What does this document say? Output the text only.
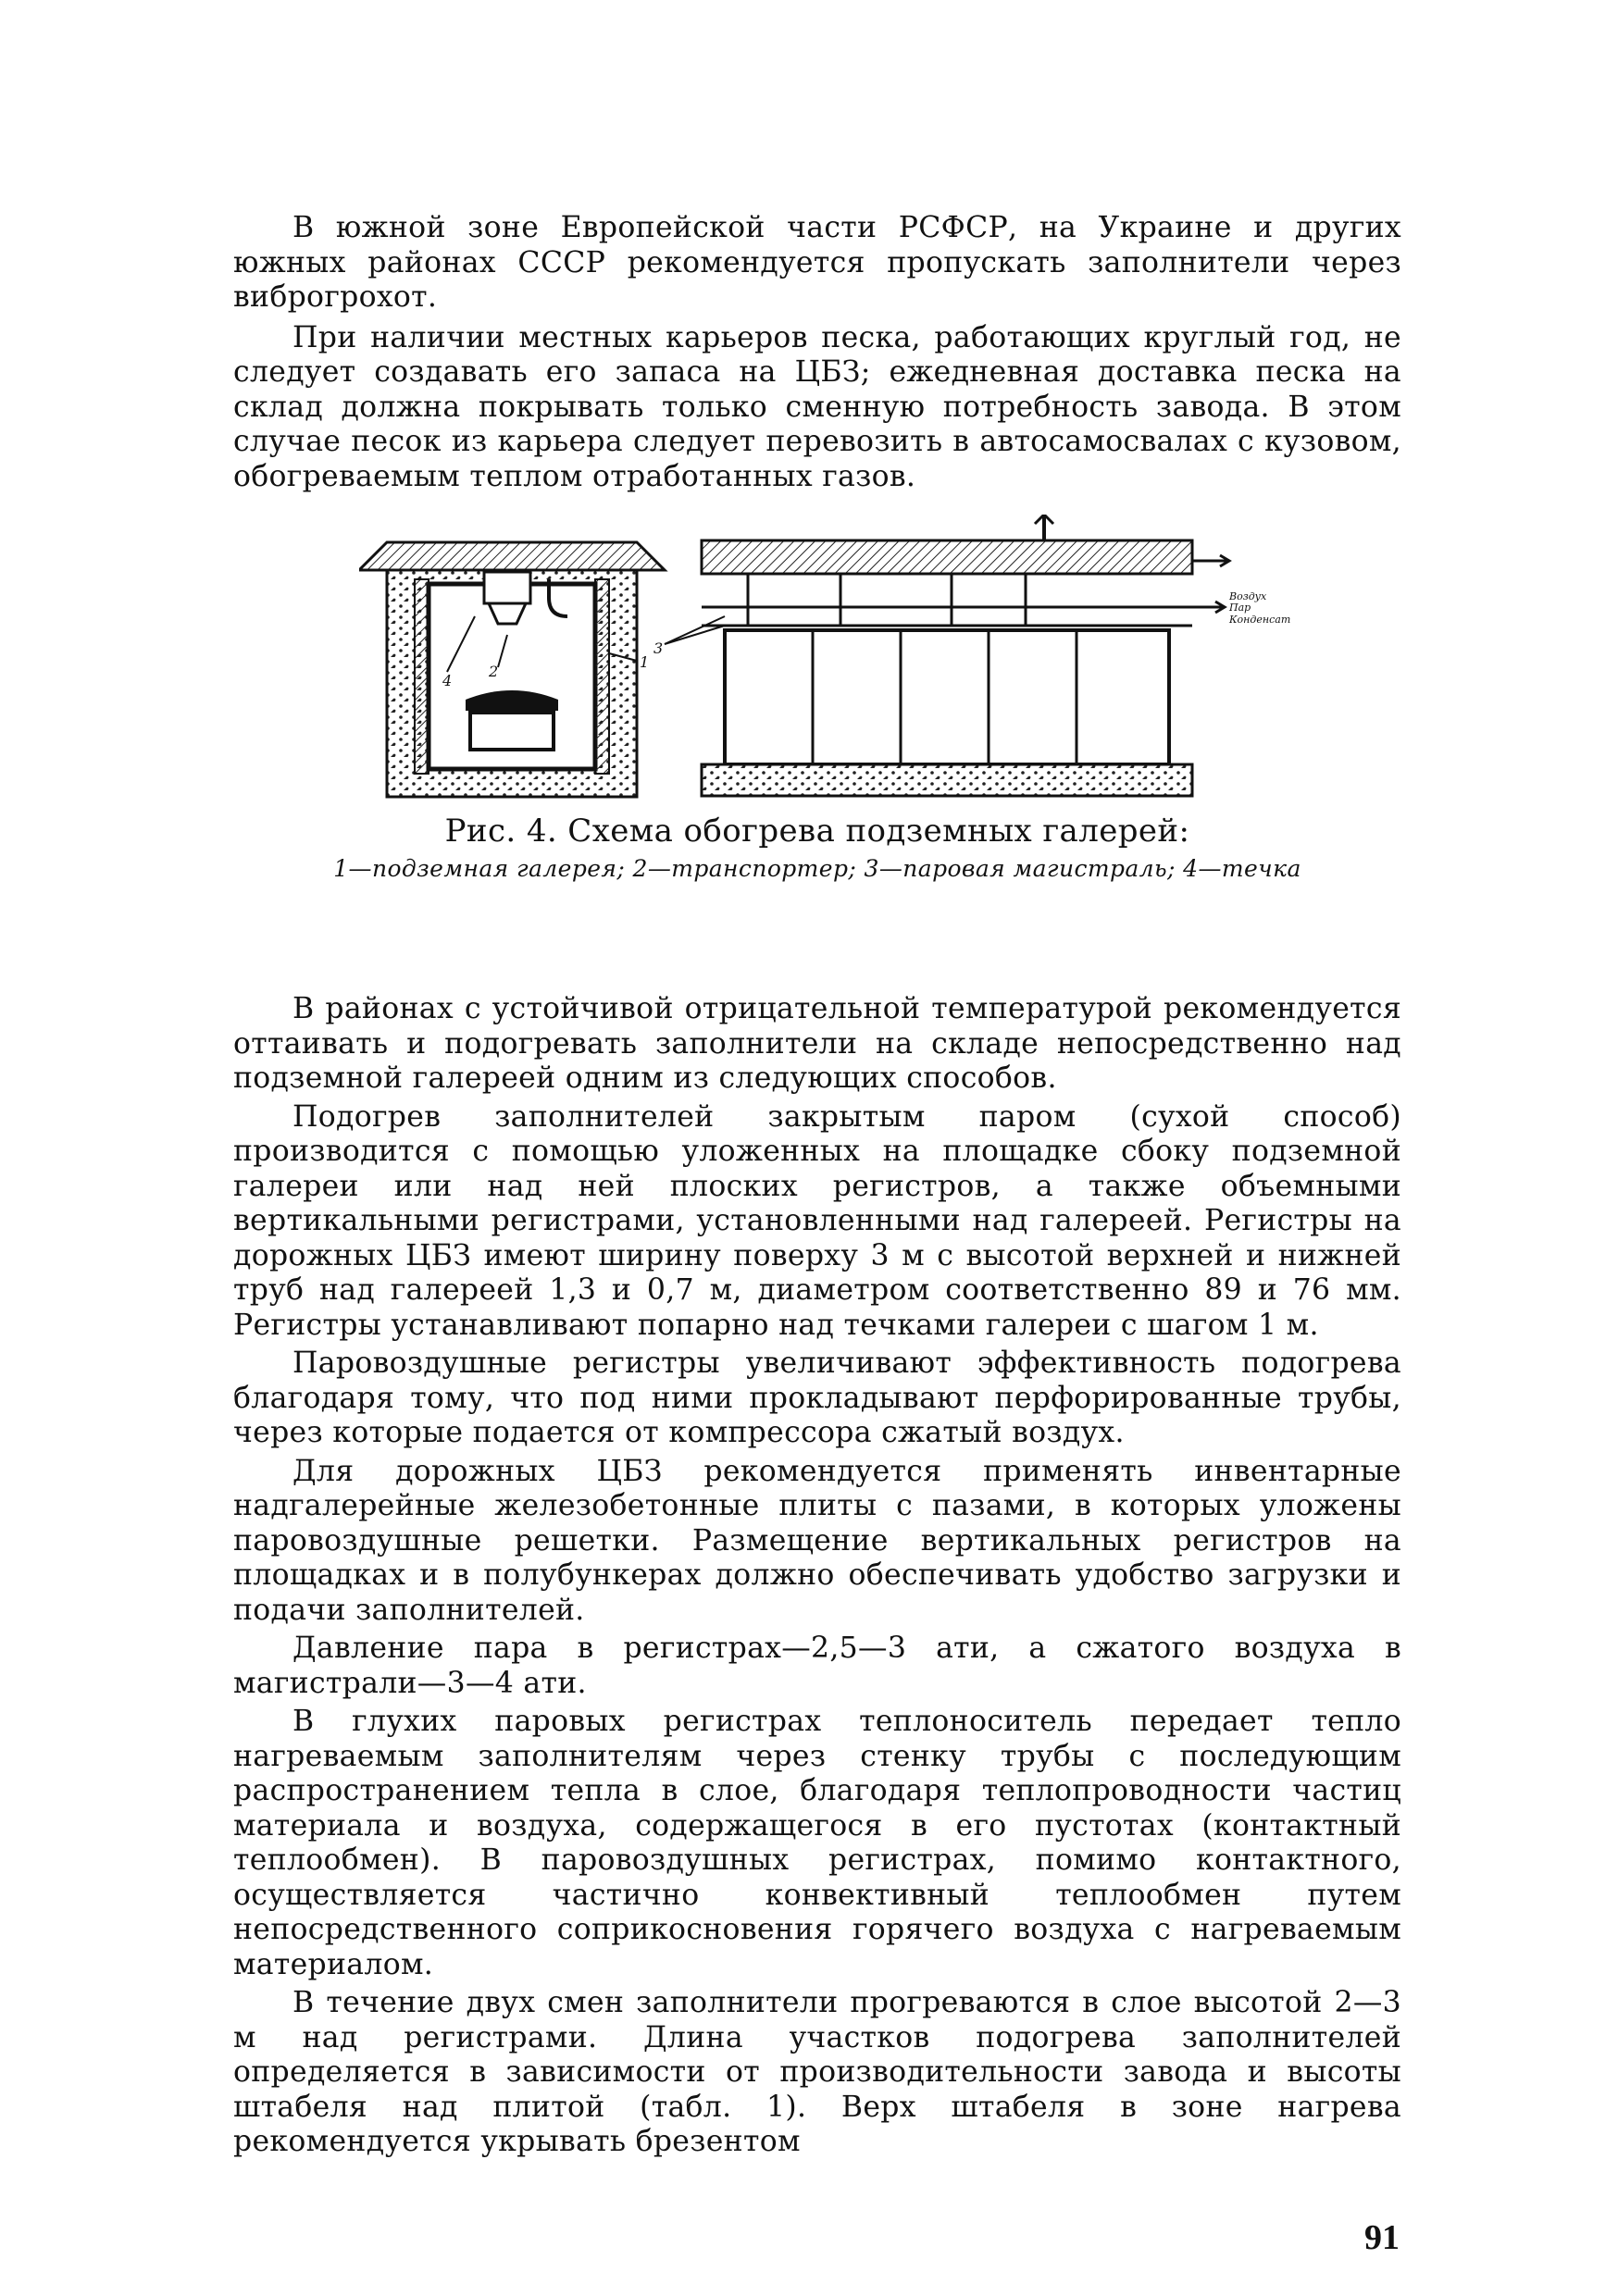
В южной зоне Европейской части РСФСР, на Украине и других южных районах СССР рекомендуется пропускать заполнители через виброгрохот.

При наличии местных карьеров песка, работающих круглый год, не следует создавать его запаса на ЦБЗ; ежедневная доставка песка на склад должна покрывать только сменную потребность завода. В этом случае песок из карьера следует перевозить в автосамосвалах с кузовом, обогреваемым теплом отработанных газов.

4
2
1
3
Воздух
Пар
Конденсат

Рис. 4. Схема обогрева подземных галерей:

1—подземная галерея; 2—транспортер; 3—паровая магистраль; 4—течка

В районах с устойчивой отрицательной температурой рекомендуется оттаивать и подогревать заполнители на складе непосредственно над подземной галереей одним из следующих способов.

Подогрев заполнителей закрытым паром (сухой способ) производится с помощью уложенных на площадке сбоку подземной галереи или над ней плоских регистров, а также объемными вертикальными регистрами, установленными над галереей. Регистры на дорожных ЦБЗ имеют ширину поверху 3 м с высотой верхней и нижней труб над галереей 1,3 и 0,7 м, диаметром соответственно 89 и 76 мм. Регистры устанавливают попарно над течками галереи с шагом 1 м.

Паровоздушные регистры увеличивают эффективность подогрева благодаря тому, что под ними прокладывают перфорированные трубы, через которые подается от компрессора сжатый воздух.

Для дорожных ЦБЗ рекомендуется применять инвентарные надгалерейные железобетонные плиты с пазами, в которых уложены паровоздушные решетки. Размещение вертикальных регистров на площадках и в полубункерах должно обеспечивать удобство загрузки и подачи заполнителей.

Давление пара в регистрах—2,5—3 ати, а сжатого воздуха в магистрали—3—4 ати.

В глухих паровых регистрах теплоноситель передает тепло нагреваемым заполнителям через стенку трубы с последующим распространением тепла в слое, благодаря теплопроводности частиц материала и воздуха, содержащегося в его пустотах (контактный теплообмен). В паровоздушных регистрах, помимо контактного, осуществляется частично конвективный теплообмен путем непосредственного соприкосновения горячего воздуха с нагреваемым материалом.

В течение двух смен заполнители прогреваются в слое высотой 2—3 м над регистрами. Длина участков подогрева заполнителей определяется в зависимости от производительности завода и высоты штабеля над плитой (табл. 1). Верх штабеля в зоне нагрева рекомендуется укрывать брезентом

91
